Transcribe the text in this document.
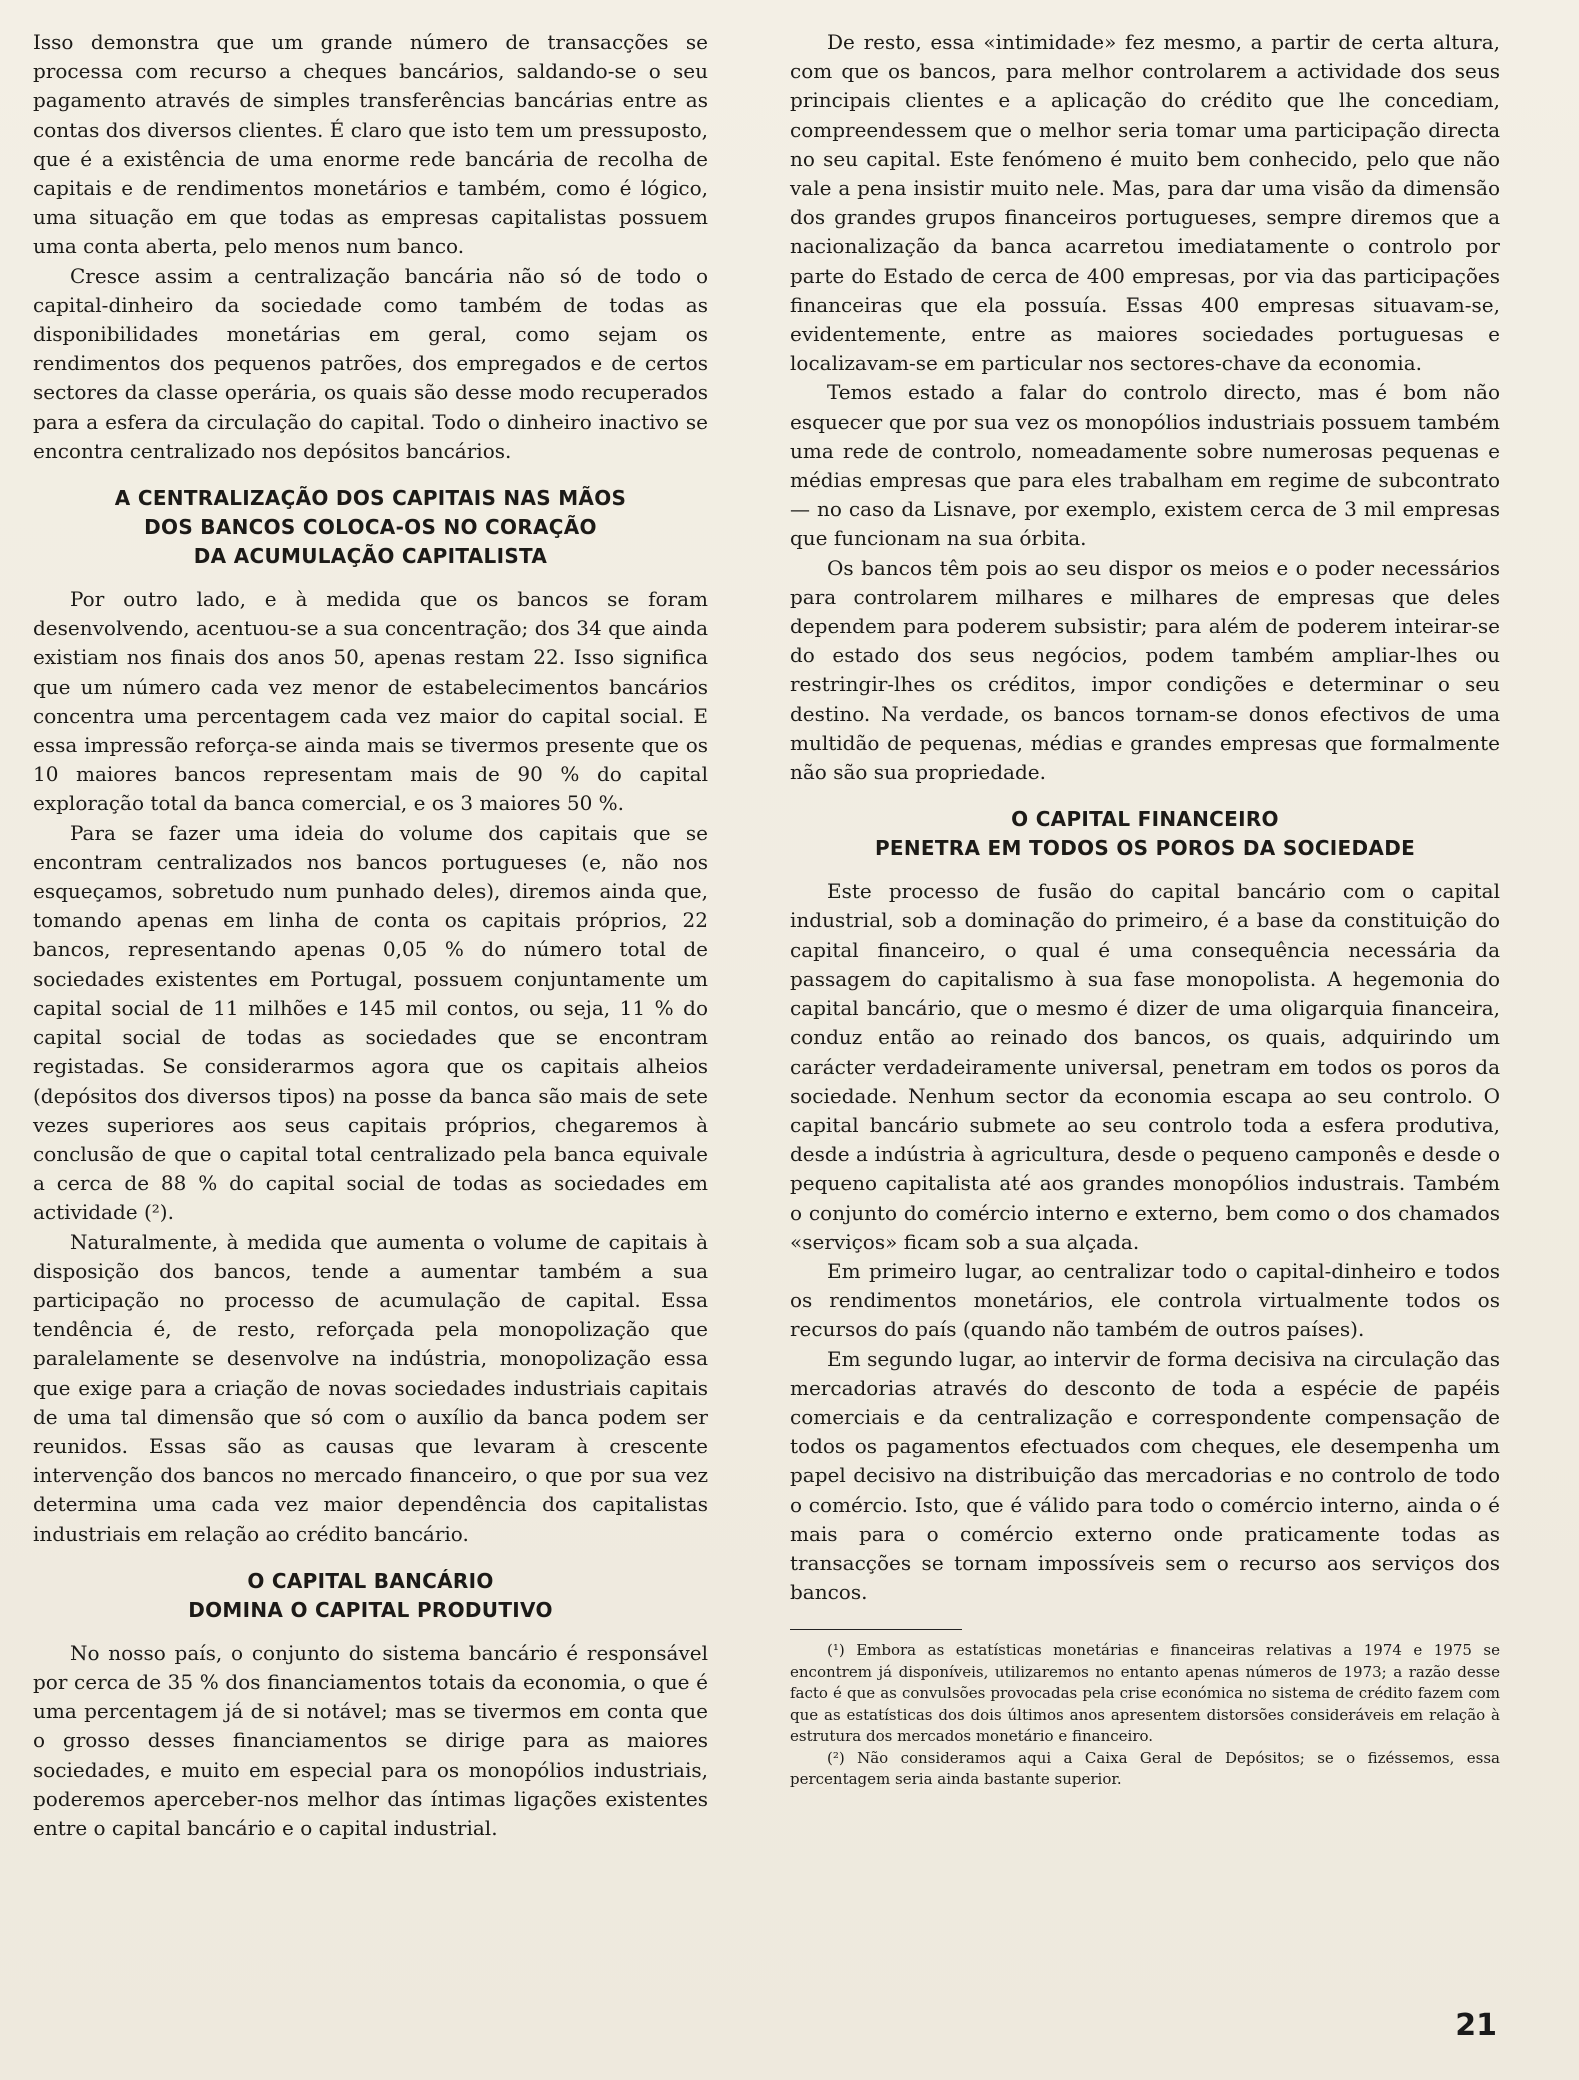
Isso demonstra que um grande número de transacções se processa com recurso a cheques bancários, saldando-se o seu pagamento através de simples transferências bancárias entre as contas dos diversos clientes. É claro que isto tem um pressuposto, que é a existência de uma enorme rede bancária de recolha de capitais e de rendimentos monetários e também, como é lógico, uma situação em que todas as empresas capitalistas possuem uma conta aberta, pelo menos num banco.

Cresce assim a centralização bancária não só de todo o capital-dinheiro da sociedade como também de todas as disponibilidades monetárias em geral, como sejam os rendimentos dos pequenos patrões, dos empregados e de certos sectores da classe operária, os quais são desse modo recuperados para a esfera da circulação do capital. Todo o dinheiro inactivo se encontra centralizado nos depósitos bancários.

A CENTRALIZAÇÃO DOS CAPITAIS NAS MÃOS
DOS BANCOS COLOCA-OS NO CORAÇÃO
DA ACUMULAÇÃO CAPITALISTA

Por outro lado, e à medida que os bancos se foram desenvolvendo, acentuou-se a sua concentração; dos 34 que ainda existiam nos finais dos anos 50, apenas restam 22. Isso significa que um número cada vez menor de estabelecimentos bancários concentra uma percentagem cada vez maior do capital social. E essa impressão reforça-se ainda mais se tivermos presente que os 10 maiores bancos representam mais de 90 % do capital exploração total da banca comercial, e os 3 maiores 50 %.

Para se fazer uma ideia do volume dos capitais que se encontram centralizados nos bancos portugueses (e, não nos esqueçamos, sobretudo num punhado deles), diremos ainda que, tomando apenas em linha de conta os capitais próprios, 22 bancos, representando apenas 0,05 % do número total de sociedades existentes em Portugal, possuem conjuntamente um capital social de 11 milhões e 145 mil contos, ou seja, 11 % do capital social de todas as sociedades que se encontram registadas. Se considerarmos agora que os capitais alheios (depósitos dos diversos tipos) na posse da banca são mais de sete vezes superiores aos seus capitais próprios, chegaremos à conclusão de que o capital total centralizado pela banca equivale a cerca de 88 % do capital social de todas as sociedades em actividade (²).

Naturalmente, à medida que aumenta o volume de capitais à disposição dos bancos, tende a aumentar também a sua participação no processo de acumulação de capital. Essa tendência é, de resto, reforçada pela monopolização que paralelamente se desenvolve na indústria, monopolização essa que exige para a criação de novas sociedades industriais capitais de uma tal dimensão que só com o auxílio da banca podem ser reunidos. Essas são as causas que levaram à crescente intervenção dos bancos no mercado financeiro, o que por sua vez determina uma cada vez maior dependência dos capitalistas industriais em relação ao crédito bancário.

O CAPITAL BANCÁRIO
DOMINA O CAPITAL PRODUTIVO

No nosso país, o conjunto do sistema bancário é responsável por cerca de 35 % dos financiamentos totais da economia, o que é uma percentagem já de si notável; mas se tivermos em conta que o grosso desses financiamentos se dirige para as maiores sociedades, e muito em especial para os monopólios industriais, poderemos aperceber-nos melhor das íntimas ligações existentes entre o capital bancário e o capital industrial.

De resto, essa «intimidade» fez mesmo, a partir de certa altura, com que os bancos, para melhor controlarem a actividade dos seus principais clientes e a aplicação do crédito que lhe concediam, compreendessem que o melhor seria tomar uma participação directa no seu capital. Este fenómeno é muito bem conhecido, pelo que não vale a pena insistir muito nele. Mas, para dar uma visão da dimensão dos grandes grupos financeiros portugueses, sempre diremos que a nacionalização da banca acarretou imediatamente o controlo por parte do Estado de cerca de 400 empresas, por via das participações financeiras que ela possuía. Essas 400 empresas situavam-se, evidentemente, entre as maiores sociedades portuguesas e localizavam-se em particular nos sectores-chave da economia.

Temos estado a falar do controlo directo, mas é bom não esquecer que por sua vez os monopólios industriais possuem também uma rede de controlo, nomeadamente sobre numerosas pequenas e médias empresas que para eles trabalham em regime de subcontrato — no caso da Lisnave, por exemplo, existem cerca de 3 mil empresas que funcionam na sua órbita.

Os bancos têm pois ao seu dispor os meios e o poder necessários para controlarem milhares e milhares de empresas que deles dependem para poderem subsistir; para além de poderem inteirar-se do estado dos seus negócios, podem também ampliar-lhes ou restringir-lhes os créditos, impor condições e determinar o seu destino. Na verdade, os bancos tornam-se donos efectivos de uma multidão de pequenas, médias e grandes empresas que formalmente não são sua propriedade.

O CAPITAL FINANCEIRO
PENETRA EM TODOS OS POROS DA SOCIEDADE

Este processo de fusão do capital bancário com o capital industrial, sob a dominação do primeiro, é a base da constituição do capital financeiro, o qual é uma consequência necessária da passagem do capitalismo à sua fase monopolista. A hegemonia do capital bancário, que o mesmo é dizer de uma oligarquia financeira, conduz então ao reinado dos bancos, os quais, adquirindo um carácter verdadeiramente universal, penetram em todos os poros da sociedade. Nenhum sector da economia escapa ao seu controlo. O capital bancário submete ao seu controlo toda a esfera produtiva, desde a indústria à agricultura, desde o pequeno camponês e desde o pequeno capitalista até aos grandes monopólios industrais. Também o conjunto do comércio interno e externo, bem como o dos chamados «serviços» ficam sob a sua alçada.

Em primeiro lugar, ao centralizar todo o capital-dinheiro e todos os rendimentos monetários, ele controla virtualmente todos os recursos do país (quando não também de outros países).

Em segundo lugar, ao intervir de forma decisiva na circulação das mercadorias através do desconto de toda a espécie de papéis comerciais e da centralização e correspondente compensação de todos os pagamentos efectuados com cheques, ele desempenha um papel decisivo na distribuição das mercadorias e no controlo de todo o comércio. Isto, que é válido para todo o comércio interno, ainda o é mais para o comércio externo onde praticamente todas as transacções se tornam impossíveis sem o recurso aos serviços dos bancos.

(¹) Embora as estatísticas monetárias e financeiras relativas a 1974 e 1975 se encontrem já disponíveis, utilizaremos no entanto apenas números de 1973; a razão desse facto é que as convulsões provocadas pela crise económica no sistema de crédito fazem com que as estatísticas dos dois últimos anos apresentem distorsões consideráveis em relação à estrutura dos mercados monetário e financeiro.

(²) Não consideramos aqui a Caixa Geral de Depósitos; se o fizéssemos, essa percentagem seria ainda bastante superior.

21
